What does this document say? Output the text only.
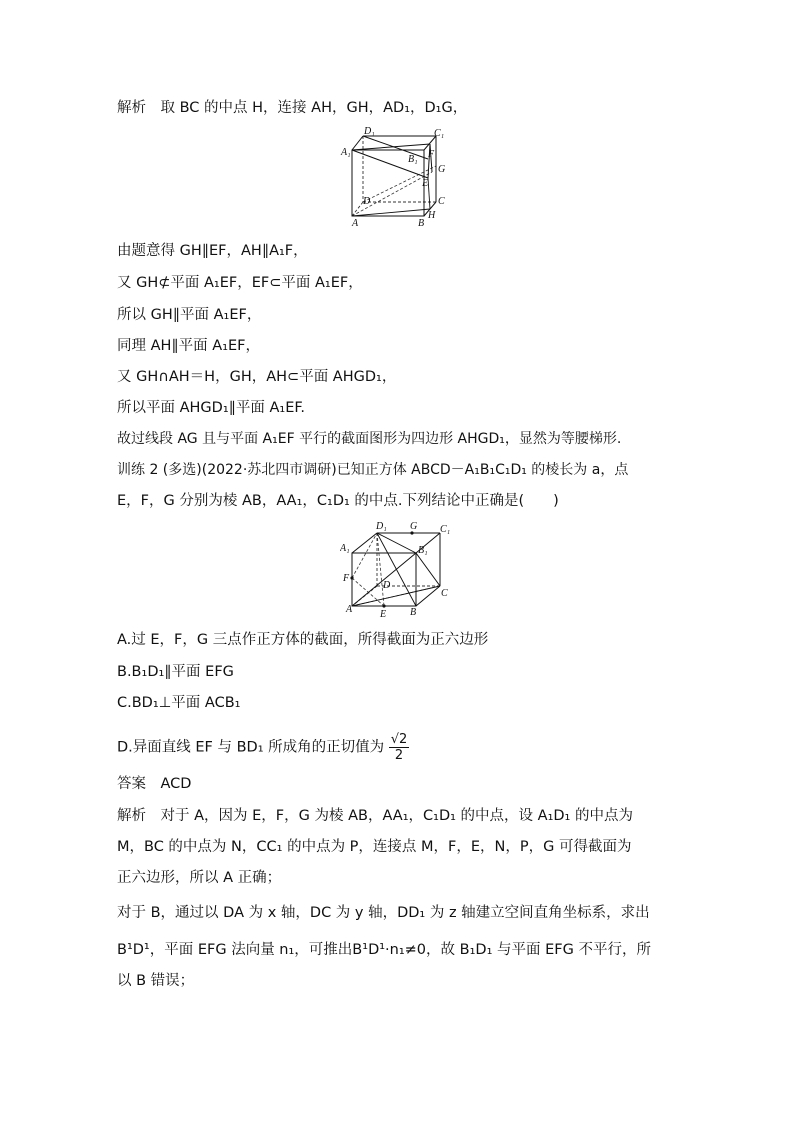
解析　取 BC 的中点 H，连接 AH，GH，AD₁，D₁G，
D₁	C₁
A₁
B₁ F
G
E
D	C
A	B
H
由题意得 GH∥EF，AH∥A₁F，
又 GH⊄平面 A₁EF，EF⊂平面 A₁EF，
所以 GH∥平面 A₁EF，
同理 AH∥平面 A₁EF，
又 GH∩AH＝H，GH，AH⊂平面 AHGD₁，
所以平面 AHGD₁∥平面 A₁EF.
故过线段 AG 且与平面 A₁EF 平行的截面图形为四边形 AHGD₁，显然为等腰梯形.
训练 2 (多选)(2022·苏北四市调研)已知正方体 ABCD－A₁B₁C₁D₁ 的棱长为 a，点
E，F，G 分别为棱 AB，AA₁，C₁D₁ 的中点.下列结论中正确是(　　)
D₁ G C₁
A₁	B₁
F
D
C
A	E B
A.过 E，F，G 三点作正方体的截面，所得截面为正六边形
B.B₁D₁∥平面 EFG
C.BD₁⊥平面 ACB₁
D.异面直线 EF 与 BD₁ 所成角的正切值为 $\frac{√2}{2}$
答案　ACD
解析　对于 A，因为 E，F，G 为棱 AB，AA₁，C₁D₁ 的中点，设 A₁D₁ 的中点为
M，BC 的中点为 N，CC₁ 的中点为 P，连接点 M，F，E，N，P，G 可得截面为
正六边形，所以 A 正确；
对于 B，通过以 DA 为 x 轴，DC 为 y 轴，DD₁ 为 z 轴建立空间直角坐标系，求出
B¹D¹，平面 EFG 法向量 n₁，可推出B¹D¹·n₁≠0，故 B₁D₁ 与平面 EFG 不平行，所
以 B 错误；
